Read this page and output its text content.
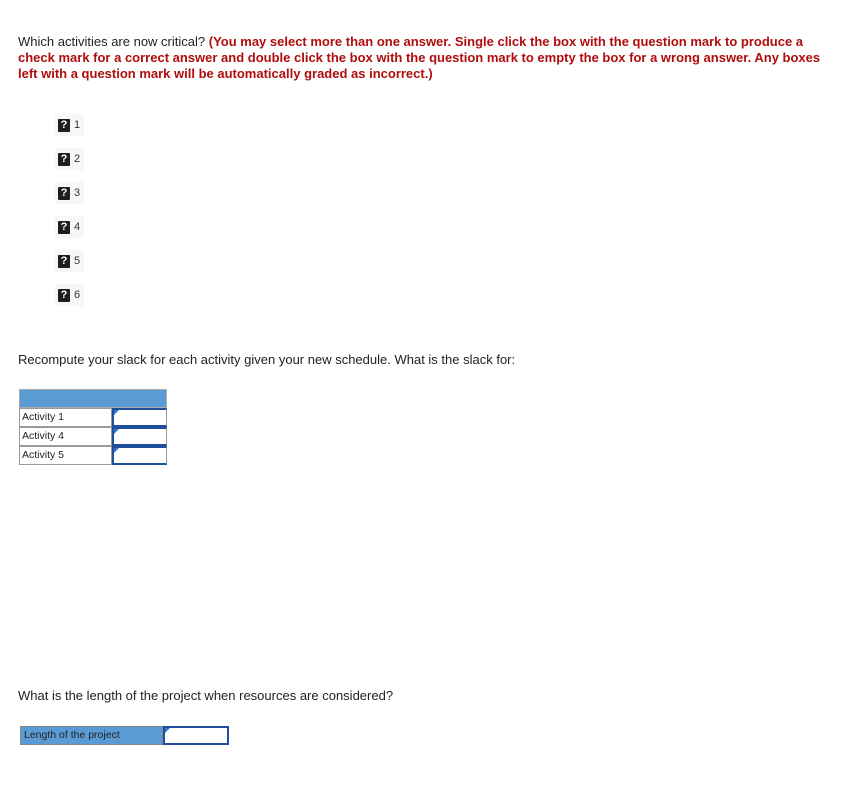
Which activities are now critical? (You may select more than one answer. Single click the box with the question mark to produce a check mark for a correct answer and double click the box with the question mark to empty the box for a wrong answer. Any boxes left with a question mark will be automatically graded as incorrect.)
? 1
? 2
? 3
? 4
? 5
? 6
Recompute your slack for each activity given your new schedule. What is the slack for:
Activity 1
Activity 4
Activity 5
What is the length of the project when resources are considered?
Length of the project
